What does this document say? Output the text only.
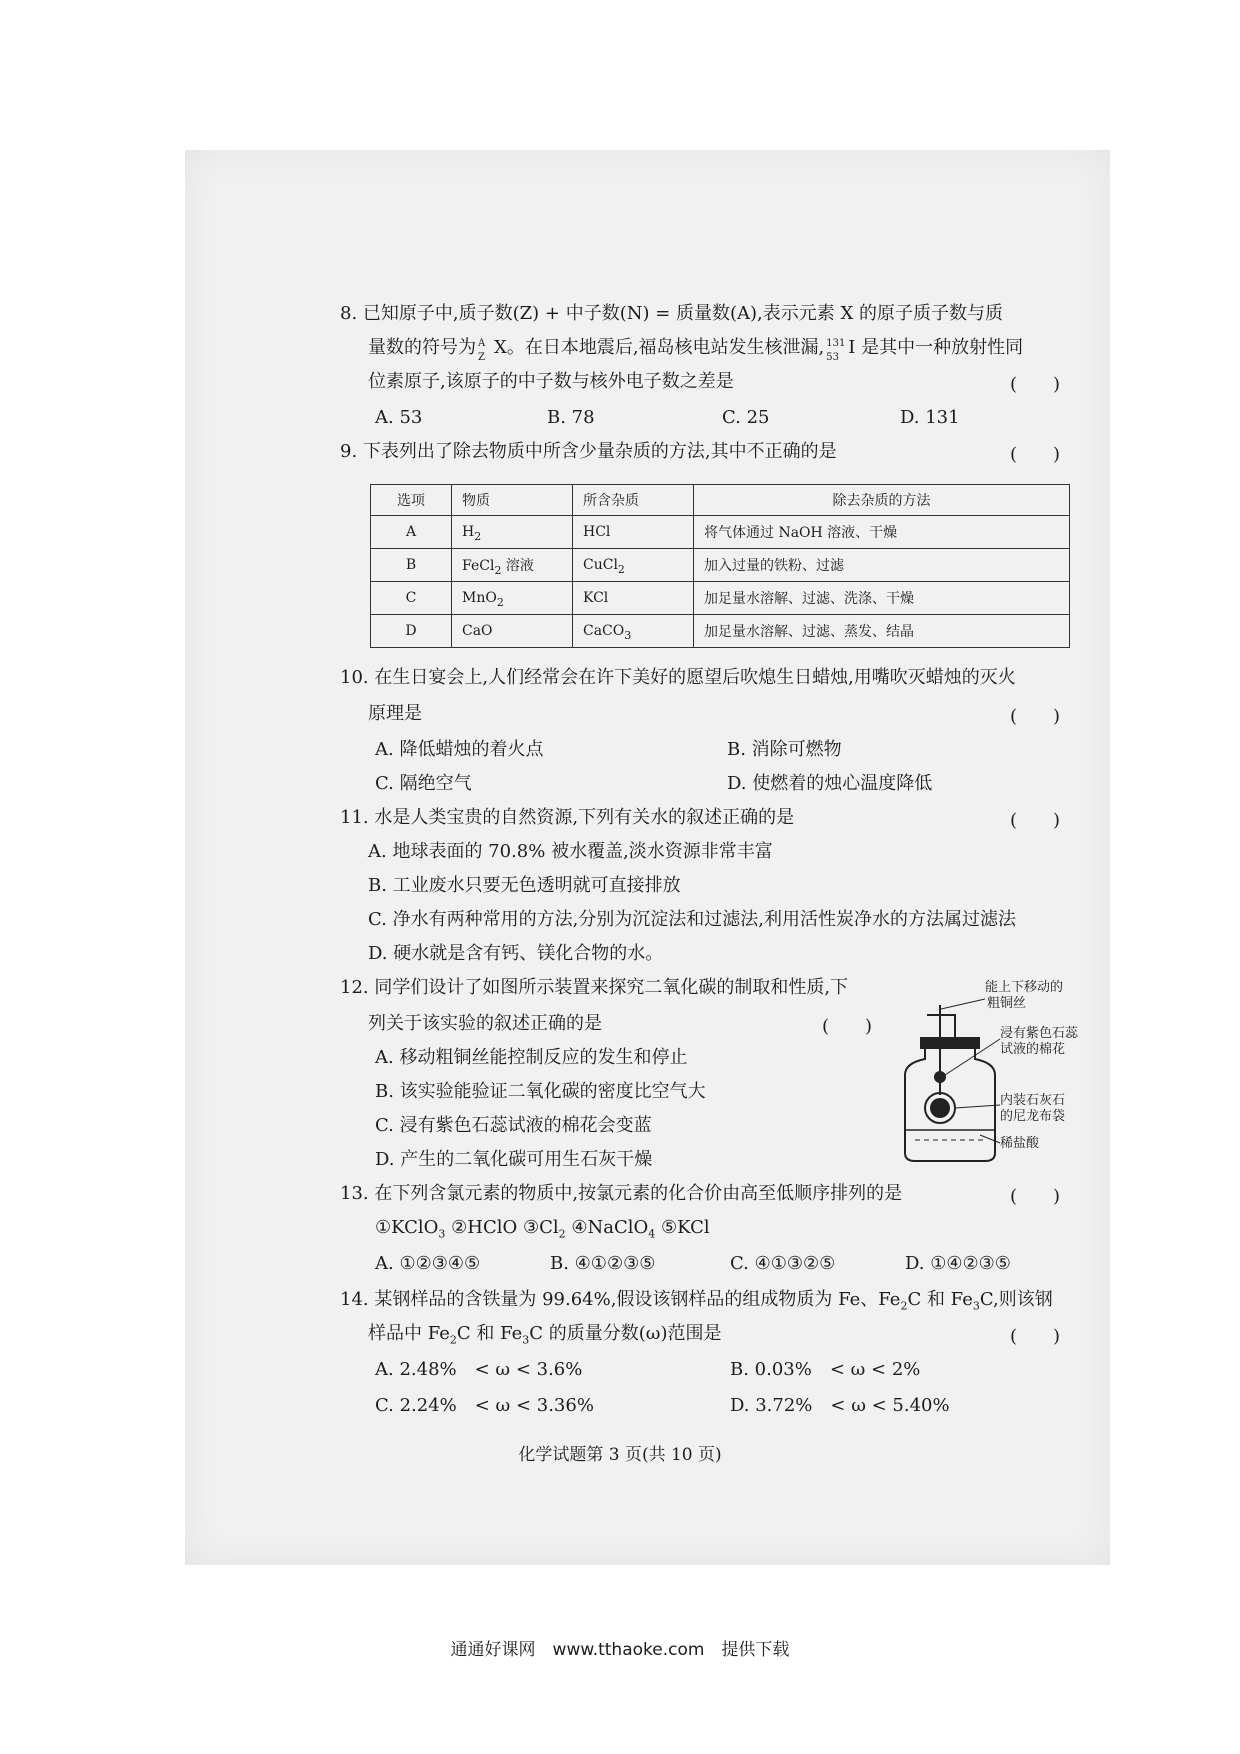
8. 已知原子中,质子数(Z) + 中子数(N) = 质量数(A),表示元素 X 的原子质子数与质
量数的符号为 A
Z X。在日本地震后,福岛核电站发生核泄漏, 131
53 I 是其中一种放射性同
位素原子,该原子的中子数与核外电子数之差是	(　　)
A. 53	B. 78	C. 25	D. 131
9. 下表列出了除去物质中所含少量杂质的方法,其中不正确的是	(　　)
选项	物质	所含杂质	除去杂质的方法
A	$H_2$	HCl	将气体通过 NaOH 溶液、干燥
B	FeCl$_2$ 溶液	CuCl$_2$	加入过量的铁粉、过滤
C	MnO$_2$	KCl	加足量水溶解、过滤、洗涤、干燥
D	CaO	CaCO$_3$	加足量水溶解、过滤、蒸发、结晶
10. 在生日宴会上,人们经常会在许下美好的愿望后吹熄生日蜡烛,用嘴吹灭蜡烛的灭火
原理是	(　　)
A. 降低蜡烛的着火点	B. 消除可燃物
C. 隔绝空气	D. 使燃着的烛心温度降低
11. 水是人类宝贵的自然资源,下列有关水的叙述正确的是	(　　)
A. 地球表面的 70.8% 被水覆盖,淡水资源非常丰富
B. 工业废水只要无色透明就可直接排放
C. 净水有两种常用的方法,分别为沉淀法和过滤法,利用活性炭净水的方法属过滤法
D. 硬水就是含有钙、镁化合物的水。
12. 同学们设计了如图所示装置来探究二氧化碳的制取和性质,下
列关于该实验的叙述正确的是	(　　)
A. 移动粗铜丝能控制反应的发生和停止
B. 该实验能验证二氧化碳的密度比空气大
C. 浸有紫色石蕊试液的棉花会变蓝
D. 产生的二氧化碳可用生石灰干燥
能上下移动的
粗铜丝
浸有紫色石蕊
试液的棉花
内装石灰石
的尼龙布袋
稀盐酸
13. 在下列含氯元素的物质中,按氯元素的化合价由高至低顺序排列的是	(　　)
①KClO$_3$ ②HClO $③Cl_2$ ④NaClO$_4$ ⑤KCl
A. ①②③④⑤	B. ④①②③⑤	C. ④①③②⑤	D. ①④②③⑤
14. 某钢样品的含铁量为 99.64%,假设该钢样品的组成物质为 Fe、$Fe_2C$ 和 $Fe_3C$,则该钢
样品中 $Fe_2C$ 和 $Fe_3C$ 的质量分数(ω)范围是	(　　)
A. 2.48%　< ω < 3.6%	B. 0.03%　< ω < 2%
C. 2.24%　< ω < 3.36%	D. 3.72%　< ω < 5.40%
化学试题第 3 页(共 10 页)
通通好课网　www.tthaoke.com　提供下载
